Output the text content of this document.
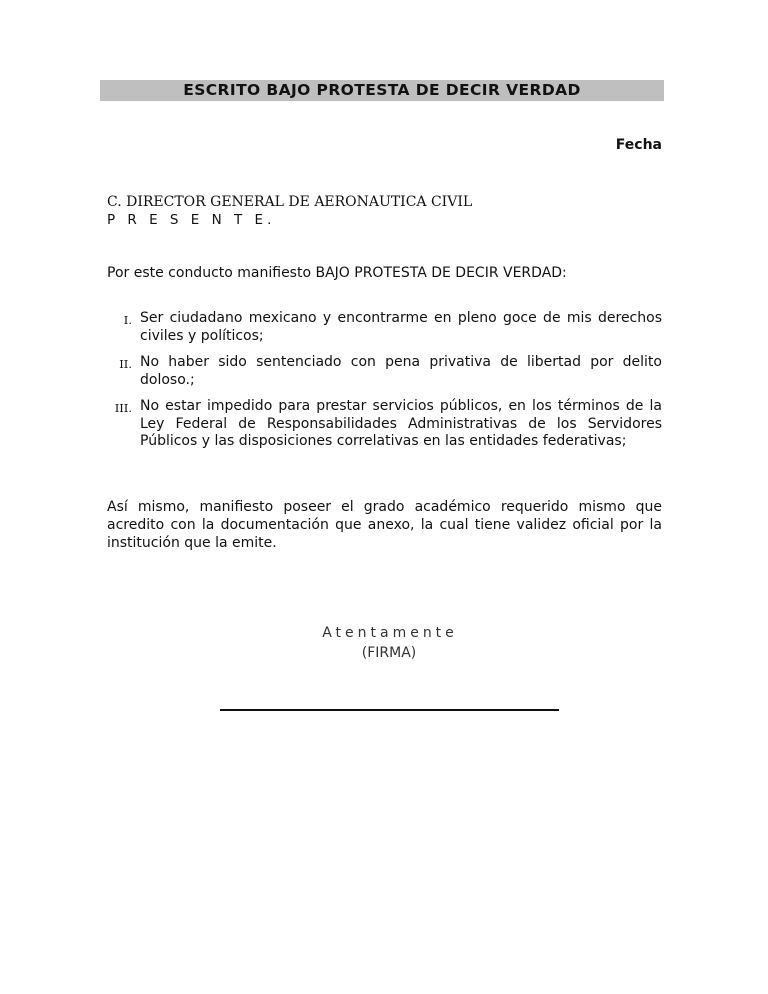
ESCRITO BAJO PROTESTA DE DECIR VERDAD
Fecha
C. DIRECTOR GENERAL DE AERONAUTICA CIVIL
P R E S E N T E.
Por este conducto manifiesto BAJO PROTESTA DE DECIR VERDAD:
I. Ser ciudadano mexicano y encontrarme en pleno goce de mis derechos civiles y políticos;
II. No haber sido sentenciado con pena privativa de libertad por delito doloso.;
III. No estar impedido para prestar servicios públicos, en los términos de la Ley Federal de Responsabilidades Administrativas de los Servidores Públicos y las disposiciones correlativas en las entidades federativas;
Así mismo, manifiesto poseer el grado académico requerido mismo que acredito con la documentación que anexo, la cual tiene validez oficial por la institución que la emite.
Atentamente
(FIRMA)
